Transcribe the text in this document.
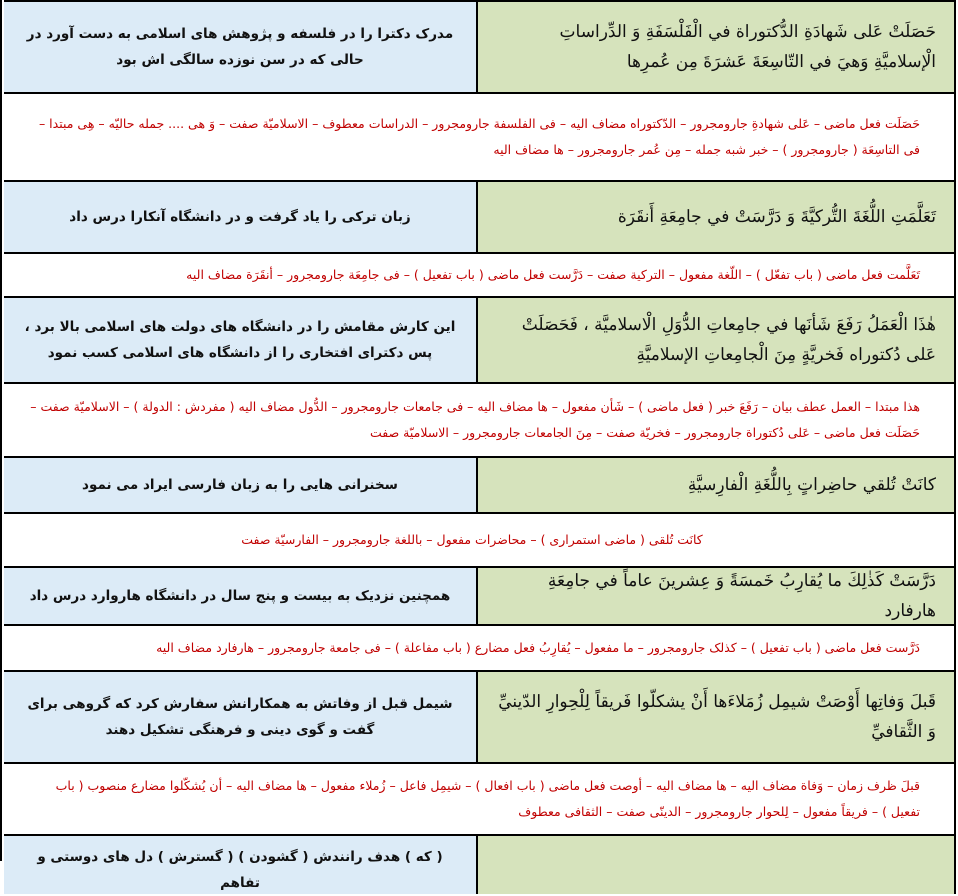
مدرک دکترا را در فلسفه و پژوهش های اسلامی به دست آورد در حالی که در سن نوزده سالگی اش بود
حَصَلَتْ عَلى شَهادَةِ الدُّكتوراة في الْفَلْسَفَةِ وَ الدِّراساتِ الْإسلاميَّةِ وَهيَ في التّاسِعَةَ عَشرَةَ مِن عُمرِها
حَصَلَت فعل ماضی – عَلی شهادةِ جارومجرور – الدّکتوراه مضاف الیه – فی الفلسفة جارومجرور – الدراسات معطوف – الاسلاميّة صفت – وَ هی .... جمله حاليّه – هِی مبتدا – فی التاسِعَة ( جارومجرور ) – خبر شبه جمله – مِن عُمر جارومجرور – ها مضاف الیه
زبان ترکی را یاد گرفت و در دانشگاه آنکارا درس داد	تَعَلَّمَتِ اللُّغَةَ التُّرکيَّةَ وَ دَرَّسَتْ في جامِعَةِ أَنقَرَة
تَعَلَّمت فعل ماضی ( باب تفعّل ) – اللّغة مفعول – الترکیة صفت – دَرَّست فعل ماضی ( باب تفعیل ) – فی جامِعَة جارومجرور – أنقَرَة مضاف الیه
این کارش مقامش را در دانشگاه های دولت های اسلامی بالا برد ، پس دکترای افتخاری را از دانشگاه های اسلامی کسب نمود
هٰذَا الْعَمَلُ رَفَعَ شَأنَها في جامِعاتِ الدُّوَلِ الْاسلاميَّة ، فَحَصَلَتْ عَلى دُكتوراه فَخريَّةٍ مِنَ الْجامِعاتِ الإسلاميَّةِ
هذا مبتدا – العمل عطف بیان – رَفَعَ خبر ( فعل ماضی ) – شَأن مفعول – ها مضاف الیه – فی جامعات جارومجرور – الدُّول مضاف الیه ( مفردش : الدولة ) – الاسلاميّة صفت – حَصَلَت فعل ماضی – عَلی دُکتوراة جارومجرور – فخريّة صفت – مِنَ الجامعات جارومجرور – الاسلاميّة صفت
سخنرانی هایی را به زبان فارسی ایراد می نمود	كانَتْ تُلقي حاضِراتٍ بِاللُّغَةِ الْفارِسيَّةِ
کانَت تُلقی ( ماضی استمراری ) – محاضرات مفعول – باللغة جارومجرور – الفارسيّة صفت
همچنین نزدیک به بیست و پنج سال در دانشگاه هاروارد درس داد
دَرَّسَتْ كَذٰلِكَ ما يُقارِبُ خَمسَةً وَ عِشرينَ عاماً في جامِعَةِ هارفارد
دَرَّست فعل ماضی ( باب تفعیل ) – کذلک جارومجرور – ما مفعول – یُقارِبُ فعل مضارع ( باب مفاعلة ) – فی جامعة جارومجرور – هارفارد مضاف الیه
شیمل قبل از وفاتش به همکارانش سفارش کرد که گروهی برای گفت و گوی دینی و فرهنگی تشکیل دهند
قَبلَ وَفاتِها أَوْصَتْ شيمِل زُمَلاءَها أَنْ يشكلّوا فَريقاً لِلْحِوارِ الدّينيِّ وَ الثَّقافيِّ
قبلَ ظرف زمان – وَفاة مضاف الیه – ها مضاف الیه – أوصت فعل ماضی ( باب افعال ) – شیمِل فاعل – زُملاء مفعول – ها مضاف الیه – أن یُشکّلوا مضارع منصوب ( باب تفعیل ) – فریقاً مفعول – لِلحوار جارومجرور – الدینّی صفت – الثقافی معطوف
( که ) هدف رانندش ( گشودن ) ( گسترش ) دل های دوستی و تفاهم
